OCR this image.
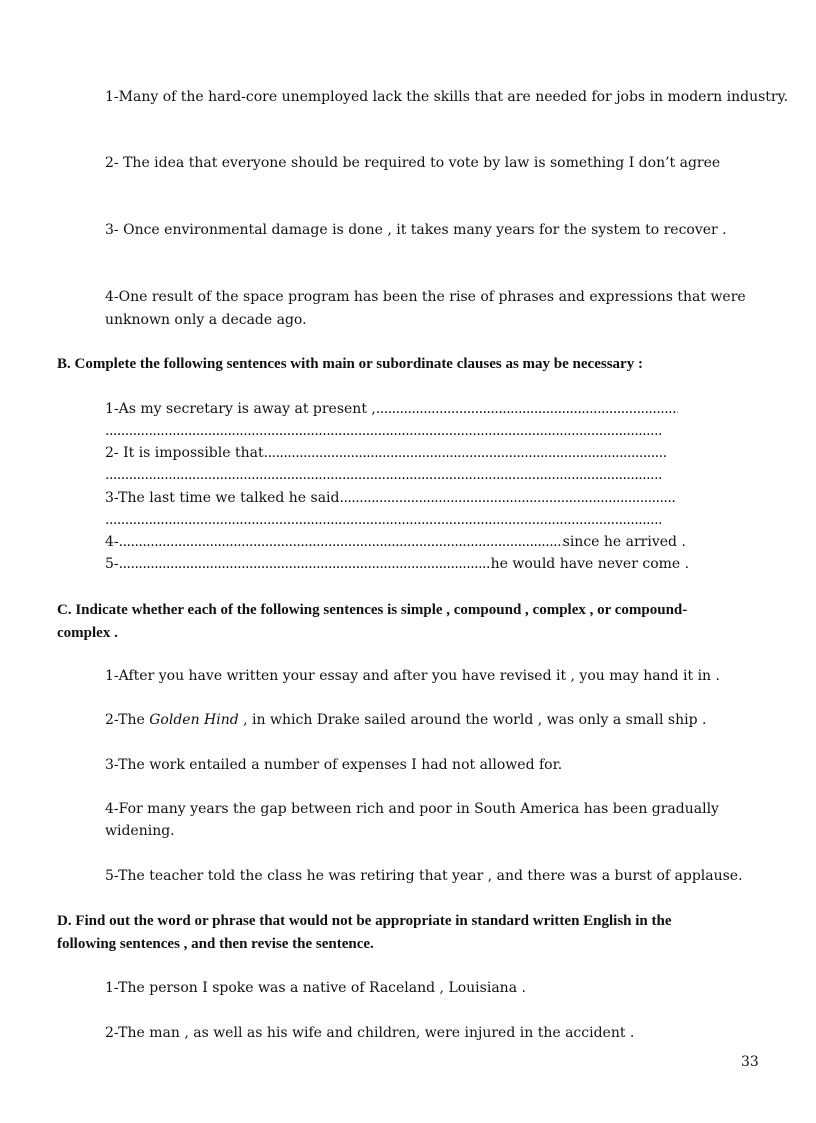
1-Many of the hard-core unemployed lack the skills that are needed for jobs in modern industry.
2- The idea that everyone should be required to vote by law is something I don’t agree
3- Once environmental damage is done , it takes many years for the system to recover .
4-One result of the space program has been the rise of phrases and expressions that were
unknown only a decade ago.
B. Complete the following sentences with main or subordinate clauses as may be necessary :
1-As my secretary is away at present ,.....
.....
2- It is impossible that.....
.....
3-The last time we talked he said.....
.....
4- .....	since he arrived .
5- .....	he would have never come .
C. Indicate whether each of the following sentences is simple , compound , complex , or compound-
complex .
1-After you have written your essay and after you have revised it , you may hand it in .
2-The Golden Hind , in which Drake sailed around the world , was only a small ship .
3-The work entailed a number of expenses I had not allowed for.
4-For many years the gap between rich and poor in South America has been gradually
widening.
5-The teacher told the class he was retiring that year , and there was a burst of applause.
D. Find out the word or phrase that would not be appropriate in standard written English in the
following sentences , and then revise the sentence.
1-The person I spoke was a native of Raceland , Louisiana .
2-The man , as well as his wife and children, were injured in the accident .
33
